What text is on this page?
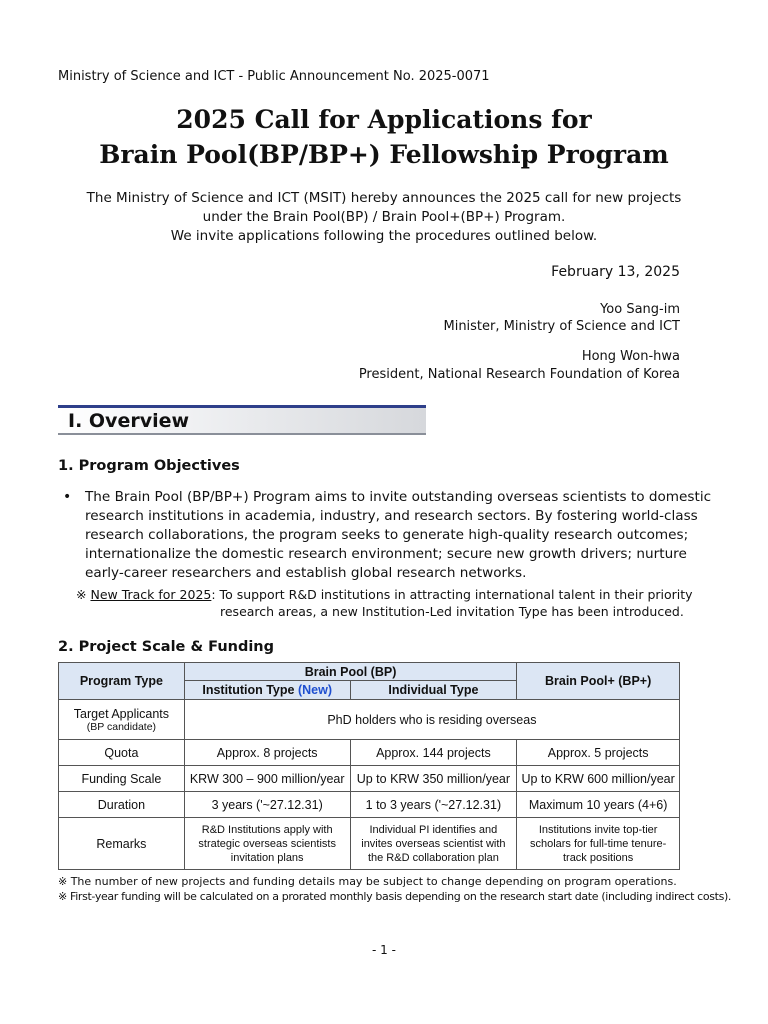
Ministry of Science and ICT - Public Announcement No. 2025-0071
2025 Call for Applications for
Brain Pool(BP/BP+) Fellowship Program
The Ministry of Science and ICT (MSIT) hereby announces the 2025 call for new projects
under the Brain Pool(BP) / Brain Pool+(BP+) Program.
We invite applications following the procedures outlined below.
February 13, 2025
Yoo Sang-im
Minister, Ministry of Science and ICT
Hong Won-hwa
President, National Research Foundation of Korea
I. Overview
1. Program Objectives
• The Brain Pool (BP/BP+) Program aims to invite outstanding overseas scientists to domestic
research institutions in academia, industry, and research sectors. By fostering world-class
research collaborations, the program seeks to generate high-quality research outcomes;
internationalize the domestic research environment; secure new growth drivers; nurture
early-career researchers and establish global research networks.
※ New Track for 2025: To support R&D institutions in attracting international talent in their priority
research areas, a new Institution-Led invitation Type has been introduced.
2. Project Scale & Funding
Program Type	Brain Pool (BP)		Brain Pool+ (BP+)
	Institution Type (New)	Individual Type	

Target Applicants
(BP candidate)	PhD holders who is residing overseas		
Quota	Approx. 8 projects	Approx. 144 projects	Approx. 5 projects
Funding Scale	KRW 300 – 900 million/year	Up to KRW 350 million/year	Up to KRW 600 million/year
Duration	3 years ('~27.12.31)	1 to 3 years ('~27.12.31)	Maximum 10 years (4+6)
Remarks	R&D Institutions apply with strategic overseas scientists invitation plans	Individual PI identifies and invites overseas scientist with the R&D collaboration plan	Institutions invite top-tier scholars for full-time tenure-track positions
※ The number of new projects and funding details may be subject to change depending on program operations.
※ First-year funding will be calculated on a prorated monthly basis depending on the research start date (including indirect costs).
- 1 -
